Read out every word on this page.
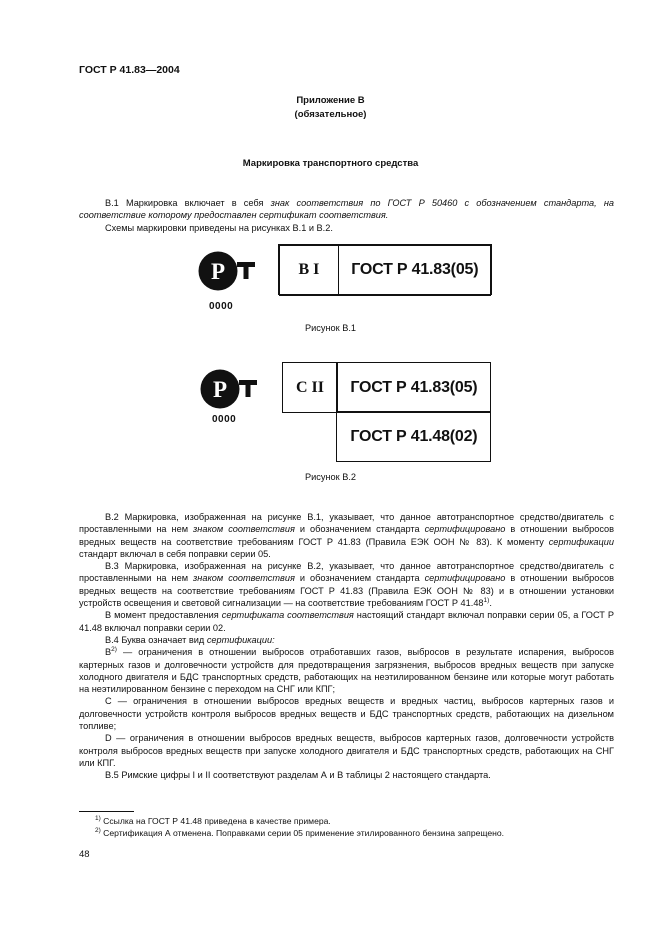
ГОСТ Р 41.83—2004
Приложение В
(обязательное)
Маркировка транспортного средства

В.1 Маркировка включает в себя знак соответствия по ГОСТ Р 50460 с обозначением стандарта, на соответствие которому предоставлен сертификат соответствия.

Схемы маркировки приведены на рисунках В.1 и В.2.

Р
0000
В I	ГОСТ Р 41.83(05)
Рисунок В.1
Р
0000
С II	ГОСТ Р 41.83(05)
ГОСТ Р 41.48(02)
Рисунок В.2

В.2 Маркировка, изображенная на рисунке В.1, указывает, что данное автотранспортное средство/двигатель с проставленными на нем знаком соответствия и обозначением стандарта сертифицировано в отношении выбросов вредных веществ на соответствие требованиям ГОСТ Р 41.83 (Правила ЕЭК ООН № 83). К моменту сертификации стандарт включал в себя поправки серии 05.

В.3 Маркировка, изображенная на рисунке В.2, указывает, что данное автотранспортное средство/двигатель с проставленными на нем знаком соответствия и обозначением стандарта сертифицировано в отношении выбросов вредных веществ на соответствие требованиям ГОСТ Р 41.83 (Правила ЕЭК ООН № 83) и в отношении установки устройств освещения и световой сигнализации — на соответствие требованиям ГОСТ Р 41.48$^{1)}$.

В момент предоставления сертификата соответствия настоящий стандарт включал поправки серии 05, а ГОСТ Р 41.48 включал поправки серии 02.

В.4 Буква означает вид сертификации:

$В^{2)}$ — ограничения в отношении выбросов отработавших газов, выбросов в результате испарения, выбросов картерных газов и долговечности устройств для предотвращения загрязнения, выбросов вредных веществ при запуске холодного двигателя и БДС транспортных средств, работающих на неэтилированном бензине или которые могут работать на неэтилированном бензине с переходом на СНГ или КПГ;

С — ограничения в отношении выбросов вредных веществ и вредных частиц, выбросов картерных газов и долговечности устройств контроля выбросов вредных веществ и БДС транспортных средств, работающих на дизельном топливе;

D — ограничения в отношении выбросов вредных веществ, выбросов картерных газов, долговечности устройств контроля выбросов вредных веществ при запуске холодного двигателя и БДС транспортных средств, работающих на СНГ или КПГ.

В.5 Римские цифры I и II соответствуют разделам А и В таблицы 2 настоящего стандарта.

$^{1)}$ Ссылка на ГОСТ Р 41.48 приведена в качестве примера.
$^{2)}$ Сертификация А отменена. Поправками серии 05 применение этилированного бензина запрещено.
48
